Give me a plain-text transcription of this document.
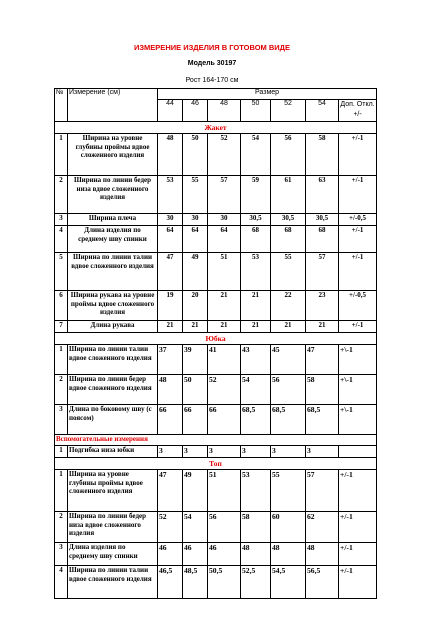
ИЗМЕРЕНИЕ ИЗДЕЛИЯ В ГОТОВОМ ВИДЕ
Модель 30197
Рост 164-170 см
№	Измерение (см)	Размер						
		44	46	48	50	52	54	Доп. Откл. +/-
Жакет								
1	Ширина на уровне глубины проймы вдвое сложенного изделия	48	50	52	54	56	58	+/-1
2	Ширина по линии бедер низа вдвое сложенного изделия	53	55	57	59	61	63	+/-1
3	Ширина плеча	30	30	30	30,5	30,5	30,5	+/-0,5
4	Длина изделия по среднему шву спинки	64	64	64	68	68	68	+/-1
5	Ширина по линии талии вдвое сложенного изделия	47	49	51	53	55	57	+/-1
6	Ширина рукава на уровне проймы вдвое сложенного изделия	19	20	21	21	22	23	+/-0,5
7	Длина рукава	21	21	21	21	21	21	+/-1
Юбка								
1	Ширина по линии талии вдвое сложенного изделия	37	39	41	43	45	47	+\-1
2	Ширина по линии бедер вдвое сложенного изделия	48	50	52	54	56	58	+\-1
3	Длина по боковому шву (с поясом)	66	66	66	68,5	68,5	68,5	+\-1
Вспомогательные измерения								
1	Подгибка низа юбки	3	3	3	3	3	3	
Топ								
1	Ширина на уровне глубины проймы вдвое сложенного изделия	47	49	51	53	55	57	+/-1
2	Ширина по линии бедер низа вдвое сложенного изделия	52	54	56	58	60	62	+/-1
3	Длина изделия по среднему шву спинки	46	46	46	48	48	48	+/-1
4	Ширина по линии талии вдвое сложенного изделия	46,5	48,5	50,5	52,5	54,5	56,5	+/-1
